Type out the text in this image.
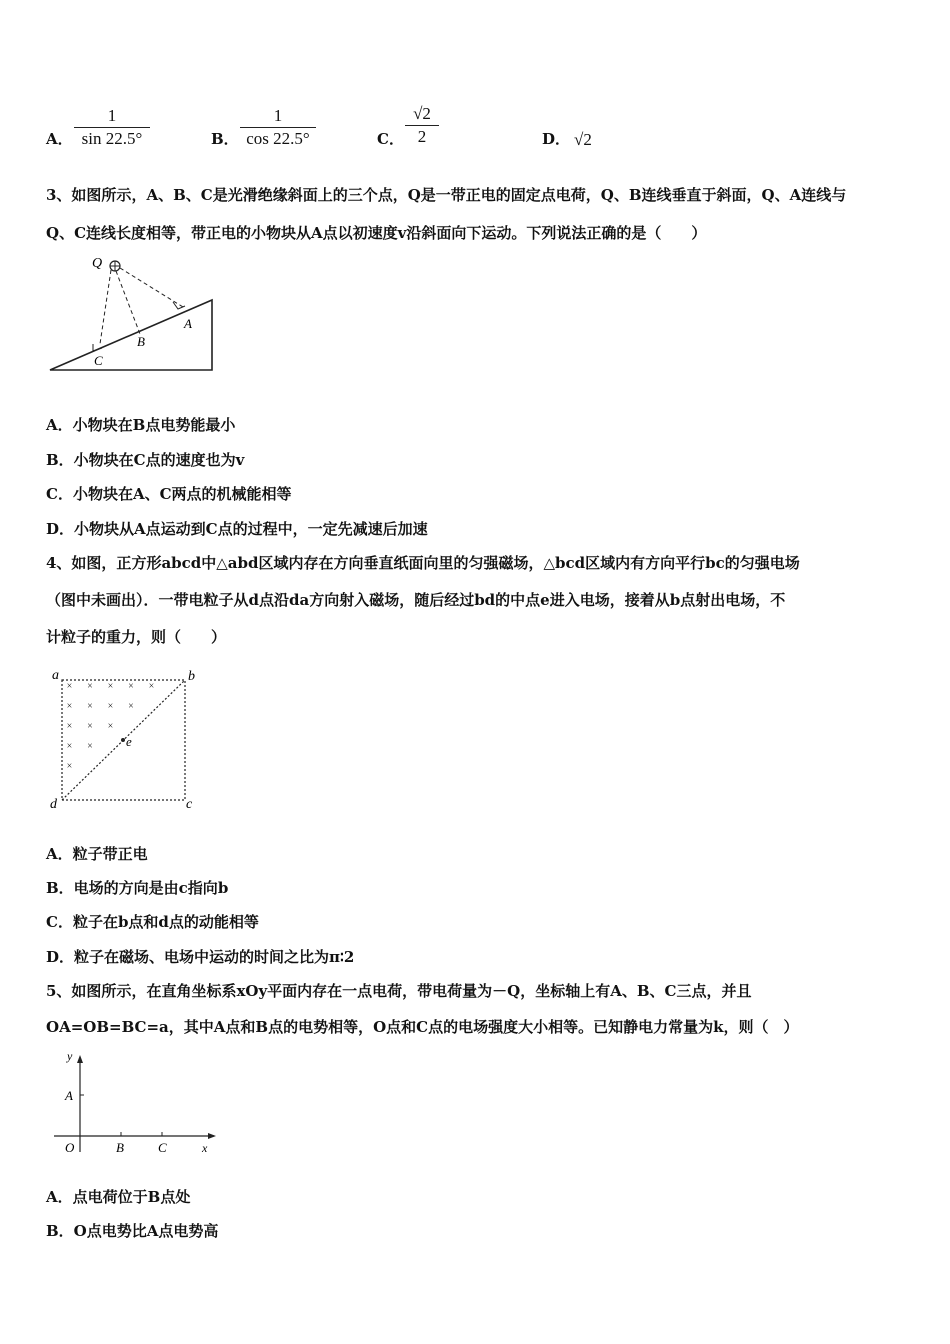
A．
1
sin 22.5°	B．
1
cos 22.5°	C．
√2
2	D． √2
3、如图所示，A、B、C是光滑绝缘斜面上的三个点，Q是一带正电的固定点电荷，Q、B连线垂直于斜面，Q、A连线与
Q、C连线长度相等，带正电的小物块从A点以初速度v沿斜面向下运动。下列说法正确的是（　　）
Q
A
B
C
A．小物块在B点电势能最小
B．小物块在C点的速度也为v
C．小物块在A、C两点的机械能相等
D．小物块从A点运动到C点的过程中，一定先减速后加速
4、如图，正方形abcd中△abd区域内存在方向垂直纸面向里的匀强磁场，△bcd区域内有方向平行bc的匀强电场
（图中未画出）．一带电粒子从d点沿da方向射入磁场，随后经过bd的中点e进入电场，接着从b点射出电场，不
计粒子的重力，则（　　）
× × × × ×
× × × ×
× × ×
× ×
×
a	b
c
d
e
A．粒子带正电
B．电场的方向是由c指向b
C．粒子在b点和d点的动能相等
D．粒子在磁场、电场中运动的时间之比为π∶2
5、如图所示，在直角坐标系xOy平面内存在一点电荷，带电荷量为－Q，坐标轴上有A、B、C三点，并且
OA=OB=BC=a，其中A点和B点的电势相等，O点和C点的电场强度大小相等。已知静电力常量为k，则（　）
y
A
O	B	C	x
A．点电荷位于B点处
B．O点电势比A点电势高
